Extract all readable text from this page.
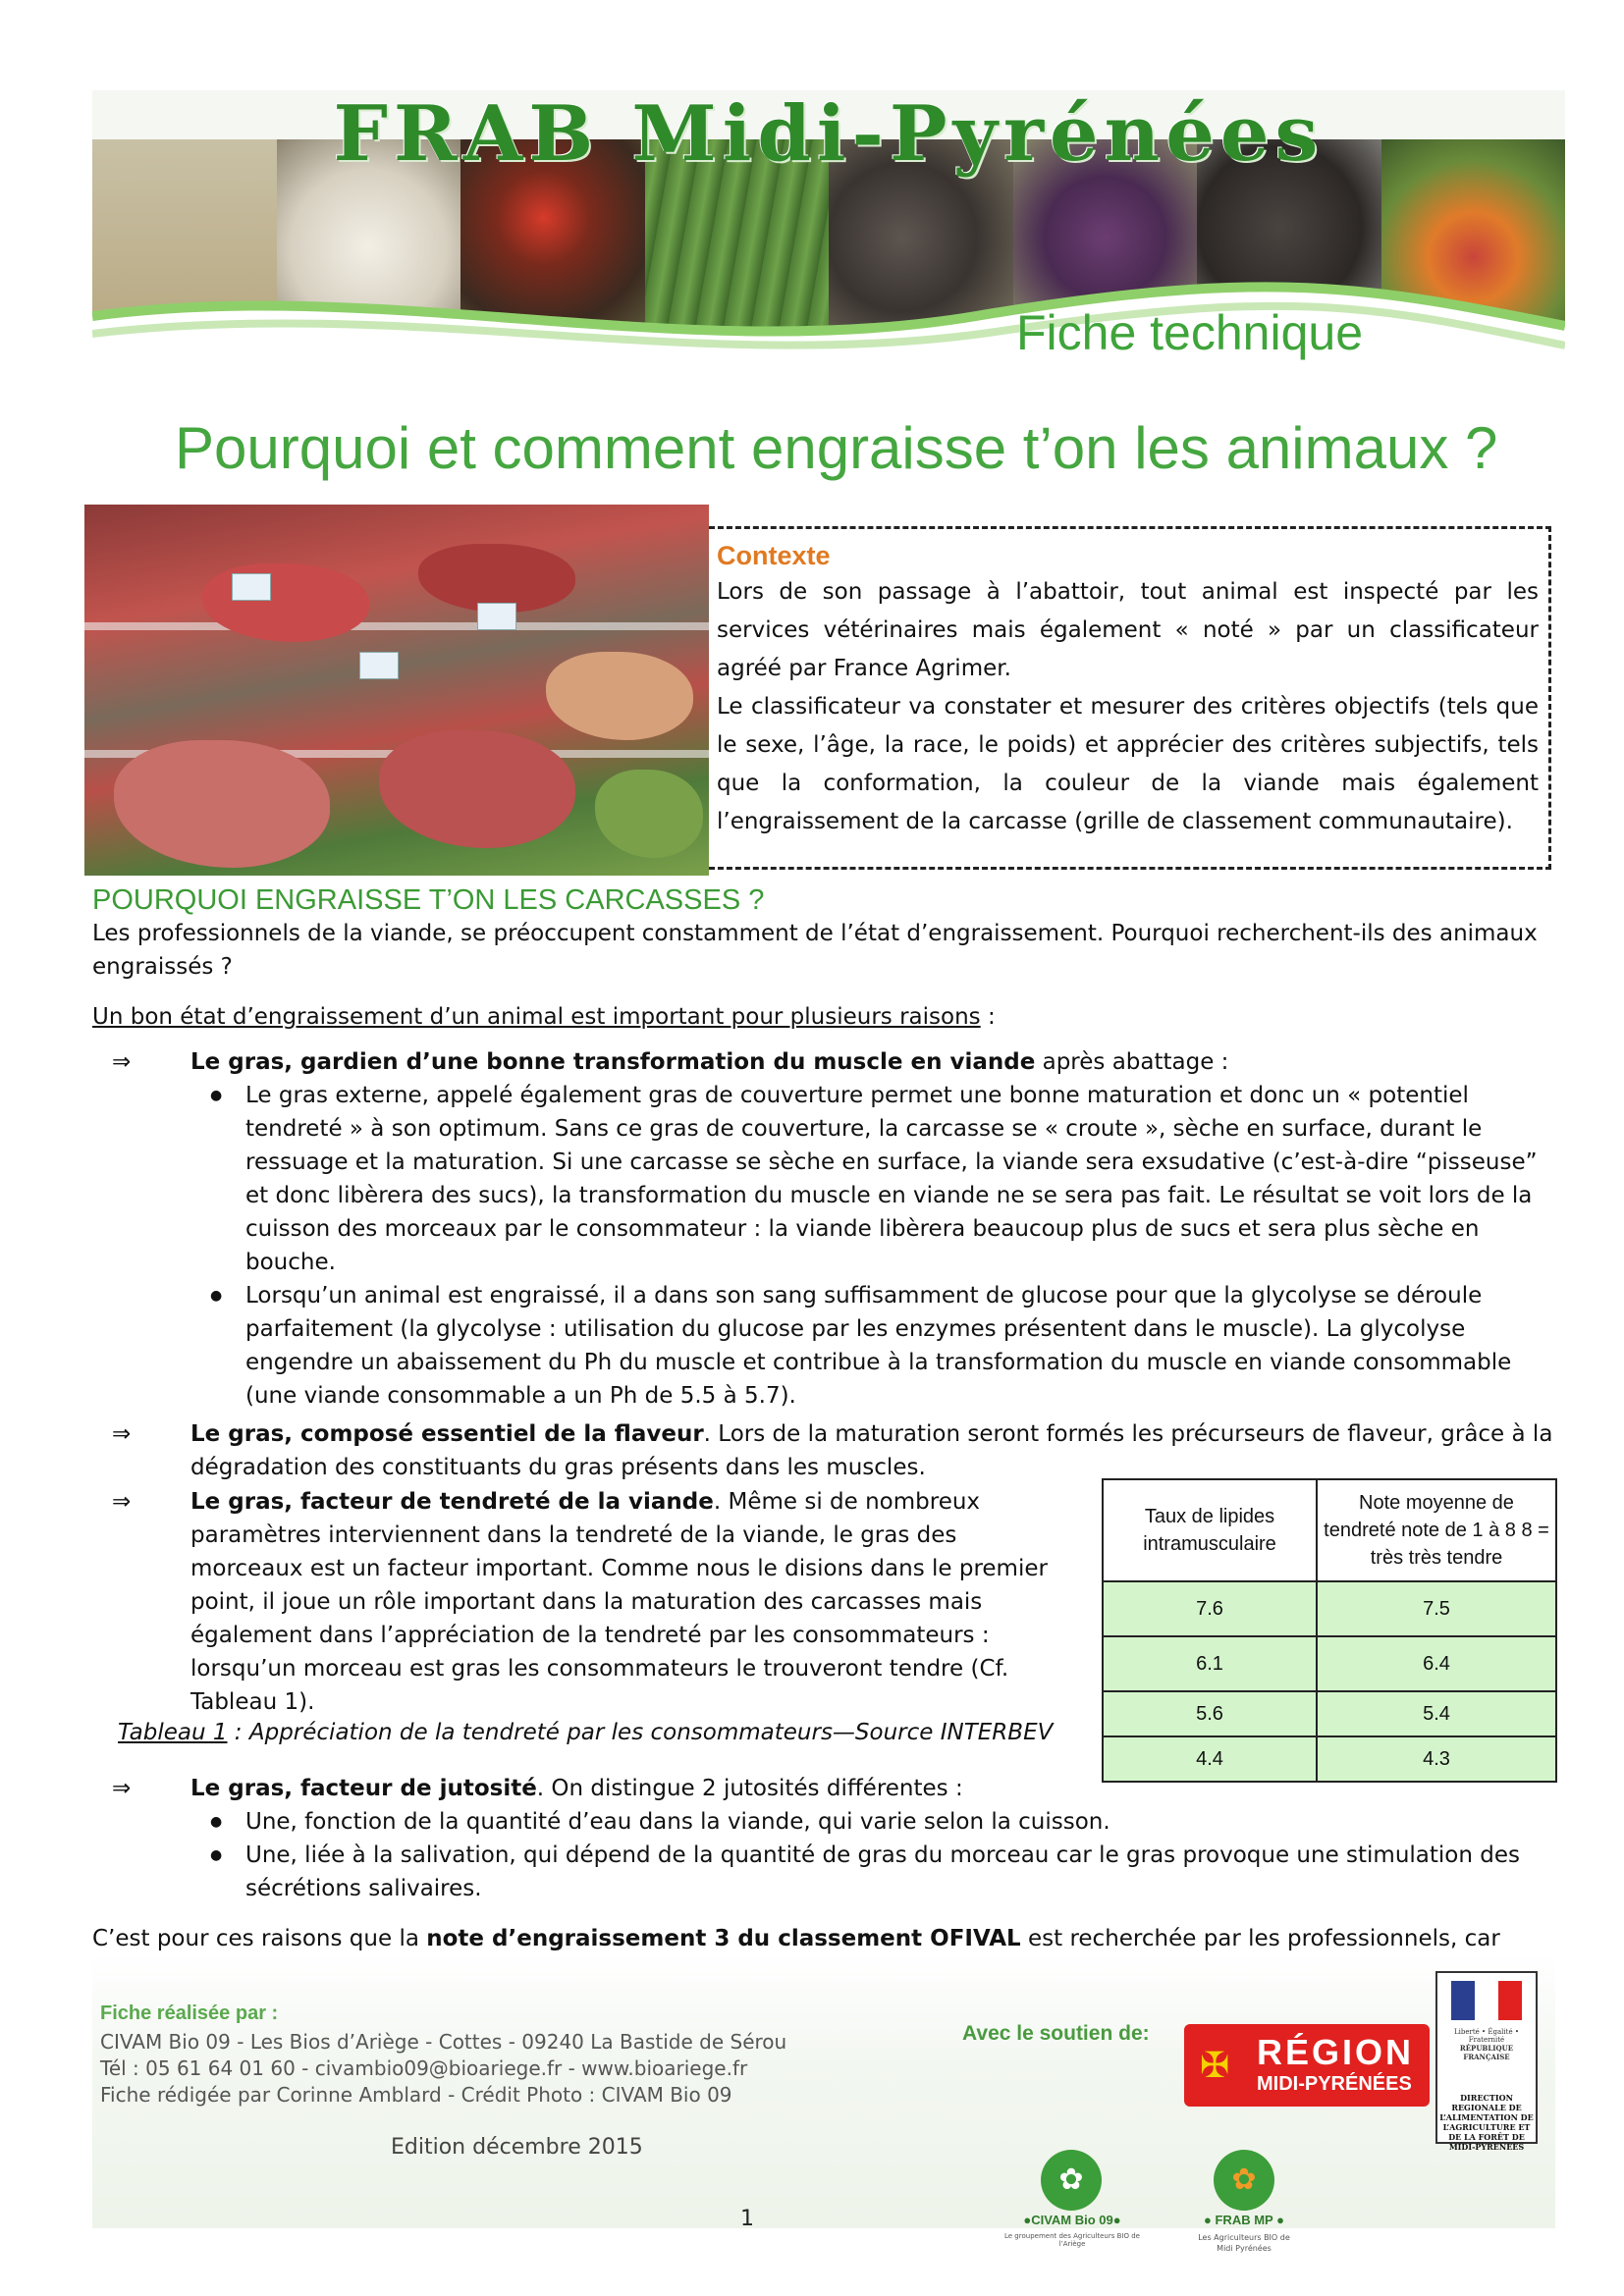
FRAB Midi-Pyrénées
Fiche technique
Pourquoi et comment engraisse t’on les animaux ?
Contexte

Lors de son passage à l’abattoir, tout animal est inspecté par les services vétérinaires mais également « noté » par un classificateur agréé par France Agrimer.

Le classificateur va constater et mesurer des critères objectifs (tels que le sexe, l’âge, la race, le poids) et apprécier des critères subjectifs, tels que la conformation, la couleur de la viande mais également l’engraissement de la carcasse (grille de classement communautaire).

POURQUOI ENGRAISSE T’ON LES CARCASSES ?

Les professionnels de la viande, se préoccupent constamment de l’état d’engraissement. Pourquoi recherchent-ils des animaux engraissés ?

Un bon état d’engraissement d’un animal est important pour plusieurs raisons :

⇒	Le gras, gardien d’une bonne transformation du muscle en viande après abattage :
● Le gras externe, appelé également gras de couverture permet une bonne maturation et donc un « potentiel tendreté » à son optimum. Sans ce gras de couverture, la carcasse se « croute », sèche en surface, durant le ressuage et la maturation. Si une carcasse se sèche en surface, la viande sera exsudative (c’est-à-dire “pisseuse” et donc libèrera des sucs), la transformation du muscle en viande ne se sera pas fait. Le résultat se voit lors de la cuisson des morceaux par le consommateur : la viande libèrera beaucoup plus de sucs et sera plus sèche en bouche.
● Lorsqu’un animal est engraissé, il a dans son sang suffisamment de glucose pour que la glycolyse se déroule parfaitement (la glycolyse : utilisation du glucose par les enzymes présentent dans le muscle). La glycolyse engendre un abaissement du Ph du muscle et contribue à la transformation du muscle en viande consommable (une viande consommable a un Ph de 5.5 à 5.7).
⇒	Le gras, composé essentiel de la flaveur. Lors de la maturation seront formés les précurseurs de flaveur, grâce à la dégradation des constituants du gras présents dans les muscles.
⇒	Le gras, facteur de tendreté de la viande. Même si de nombreux paramètres interviennent dans la tendreté de la viande, le gras des morceaux est un facteur important. Comme nous le disions dans le premier point, il joue un rôle important dans la maturation des carcasses mais également dans l’appréciation de la tendreté par les consommateurs : lorsqu’un morceau est gras les consommateurs le trouveront tendre (Cf. Tableau 1).
Taux de lipides intramusculaire	Note moyenne de tendreté note de 1 à 8 8 = très très tendre
7.6	7.5
6.1	6.4
5.6	5.4
4.4	4.3
Tableau 1 : Appréciation de la tendreté par les consommateurs—Source INTERBEV
⇒	Le gras, facteur de jutosité. On distingue 2 jutosités différentes :
● Une, fonction de la quantité d’eau dans la viande, qui varie selon la cuisson.
● Une, liée à la salivation, qui dépend de la quantité de gras du morceau car le gras provoque une stimulation des sécrétions salivaires.
C’est pour ces raisons que la note d’engraissement 3 du classement OFIVAL est recherchée par les professionnels, car
Fiche réalisée par :
CIVAM Bio 09 - Les Bios d’Ariège - Cottes - 09240 La Bastide de Sérou
Tél : 05 61 64 01 60 - civambio09@bioariege.fr - www.bioariege.fr
Fiche rédigée par Corinne Amblard - Crédit Photo : CIVAM Bio 09
Edition décembre 2015
1
Avec le soutien de:
✠ RÉGION
MIDI-PYRÉNÉES
Liberté • Égalité • Fraternité
RÉPUBLIQUE FRANÇAISE
DIRECTION REGIONALE DE L’ALIMENTATION DE L’AGRICULTURE ET DE LA FORÊT DE MIDI-PYRENEES
✿
●CIVAM Bio 09●
Le groupement des Agriculteurs BIO de l’Ariège
✿
● FRAB MP ●
Les Agriculteurs BIO de Midi Pyrénées
